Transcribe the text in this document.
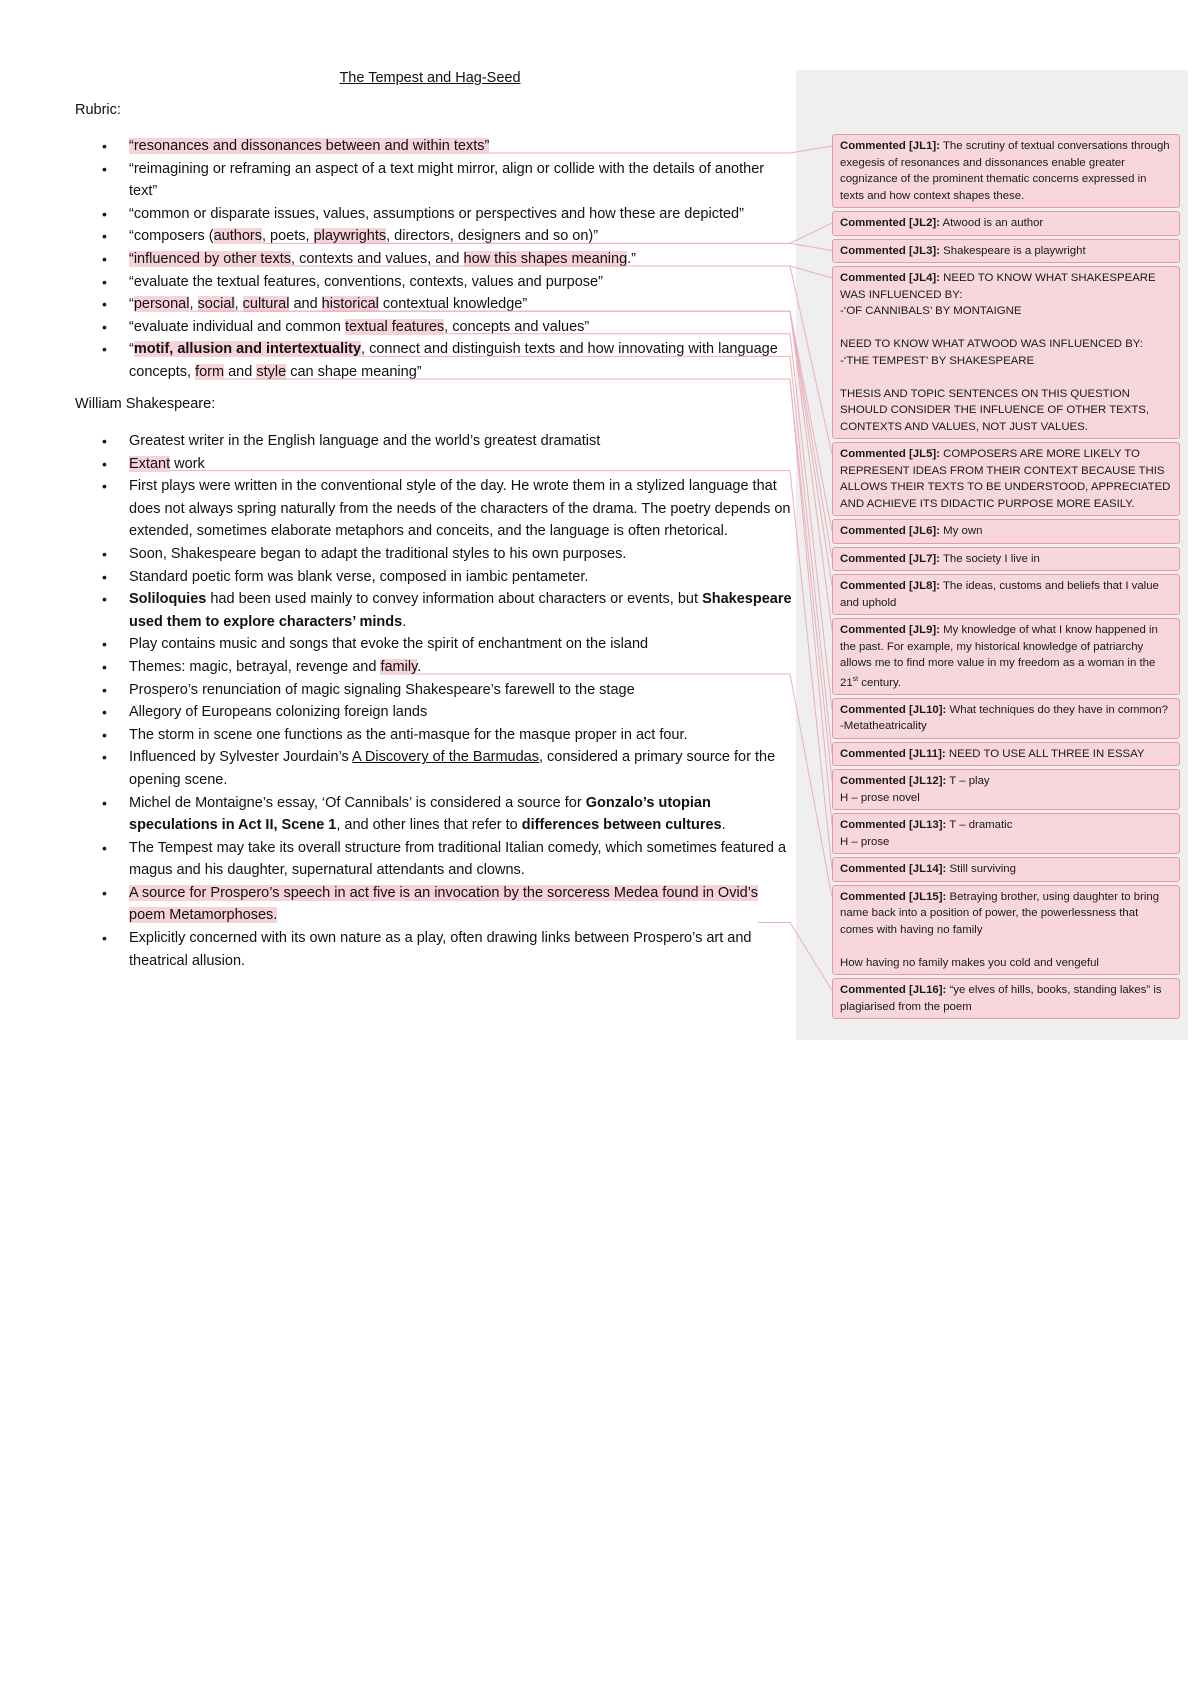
The Tempest and Hag-Seed
Rubric:
• “resonances and dissonances between and within texts”
• “reimagining or reframing an aspect of a text might mirror, align or collide with the details of another text”
• “common or disparate issues, values, assumptions or perspectives and how these are depicted”
• “composers (authors, poets, playwrights, directors, designers and so on)”
• “influenced by other texts, contexts and values, and how this shapes meaning.”
• “evaluate the textual features, conventions, contexts, values and purpose”
• “personal, social, cultural and historical contextual knowledge”
• “evaluate individual and common textual features, concepts and values”
• “motif, allusion and intertextuality, connect and distinguish texts and how innovating with language concepts, form and style can shape meaning”
William Shakespeare:
• Greatest writer in the English language and the world’s greatest dramatist
• Extant work
• First plays were written in the conventional style of the day. He wrote them in a stylized language that does not always spring naturally from the needs of the characters of the drama. The poetry depends on extended, sometimes elaborate metaphors and conceits, and the language is often rhetorical.
• Soon, Shakespeare began to adapt the traditional styles to his own purposes.
• Standard poetic form was blank verse, composed in iambic pentameter.
• Soliloquies had been used mainly to convey information about characters or events, but Shakespeare used them to explore characters’ minds.
• Play contains music and songs that evoke the spirit of enchantment on the island
• Themes: magic, betrayal, revenge and family.
• Prospero’s renunciation of magic signaling Shakespeare’s farewell to the stage
• Allegory of Europeans colonizing foreign lands
• The storm in scene one functions as the anti-masque for the masque proper in act four.
• Influenced by Sylvester Jourdain’s A Discovery of the Barmudas, considered a primary source for the opening scene.
• Michel de Montaigne’s essay, ‘Of Cannibals’ is considered a source for Gonzalo’s utopian speculations in Act II, Scene 1, and other lines that refer to differences between cultures.
• The Tempest may take its overall structure from traditional Italian comedy, which sometimes featured a magus and his daughter, supernatural attendants and clowns.
• A source for Prospero’s speech in act five is an invocation by the sorceress Medea found in Ovid’s poem Metamorphoses.
• Explicitly concerned with its own nature as a play, often drawing links between Prospero’s art and theatrical allusion.
Commented [JL1]: The scrutiny of textual conversations through exegesis of resonances and dissonances enable greater cognizance of the prominent thematic concerns expressed in texts and how context shapes these.
Commented [JL2]: Atwood is an author
Commented [JL3]: Shakespeare is a playwright
Commented [JL4]: NEED TO KNOW WHAT SHAKESPEARE WAS INFLUENCED BY:
-‘OF CANNIBALS’ BY MONTAIGNE

NEED TO KNOW WHAT ATWOOD WAS INFLUENCED BY:
-‘THE TEMPEST’ BY SHAKESPEARE

THESIS AND TOPIC SENTENCES ON THIS QUESTION SHOULD CONSIDER THE INFLUENCE OF OTHER TEXTS, CONTEXTS AND VALUES, NOT JUST VALUES.
Commented [JL5]: COMPOSERS ARE MORE LIKELY TO REPRESENT IDEAS FROM THEIR CONTEXT BECAUSE THIS ALLOWS THEIR TEXTS TO BE UNDERSTOOD, APPRECIATED AND ACHIEVE ITS DIDACTIC PURPOSE MORE EASILY.
Commented [JL6]: My own
Commented [JL7]: The society I live in
Commented [JL8]: The ideas, customs and beliefs that I value and uphold
Commented [JL9]: My knowledge of what I know happened in the past. For example, my historical knowledge of patriarchy allows me to find more value in my freedom as a woman in the 21st century.
Commented [JL10]: What techniques do they have in common?
-Metatheatricality
Commented [JL11]: NEED TO USE ALL THREE IN ESSAY
Commented [JL12]: T – play
H – prose novel
Commented [JL13]: T – dramatic
H – prose
Commented [JL14]: Still surviving
Commented [JL15]: Betraying brother, using daughter to bring name back into a position of power, the powerlessness that comes with having no family

How having no family makes you cold and vengeful
Commented [JL16]: “ye elves of hills, books, standing lakes” is plagiarised from the poem
